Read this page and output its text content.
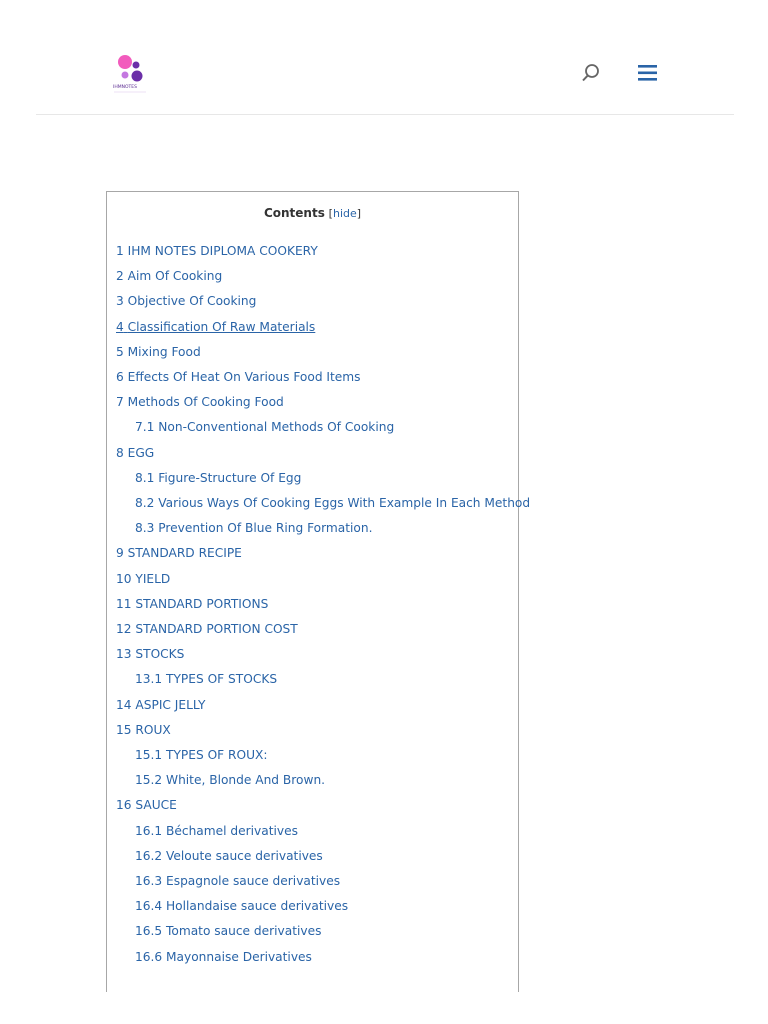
IHMNOTES
Contents [hide]
1 IHM NOTES DIPLOMA COOKERY
2 Aim Of Cooking
3 Objective Of Cooking
4 Classification Of Raw Materials
5 Mixing Food
6 Effects Of Heat On Various Food Items
7 Methods Of Cooking Food
7.1 Non-Conventional Methods Of Cooking
8 EGG
8.1 Figure-Structure Of Egg
8.2 Various Ways Of Cooking Eggs With Example In Each Method
8.3 Prevention Of Blue Ring Formation.
9 STANDARD RECIPE
10 YIELD
11 STANDARD PORTIONS
12 STANDARD PORTION COST
13 STOCKS
13.1 TYPES OF STOCKS
14 ASPIC JELLY
15 ROUX
15.1 TYPES OF ROUX:
15.2 White, Blonde And Brown.
16 SAUCE
16.1 Béchamel derivatives
16.2 Veloute sauce derivatives
16.3 Espagnole sauce derivatives
16.4 Hollandaise sauce derivatives
16.5 Tomato sauce derivatives
16.6 Mayonnaise Derivatives
